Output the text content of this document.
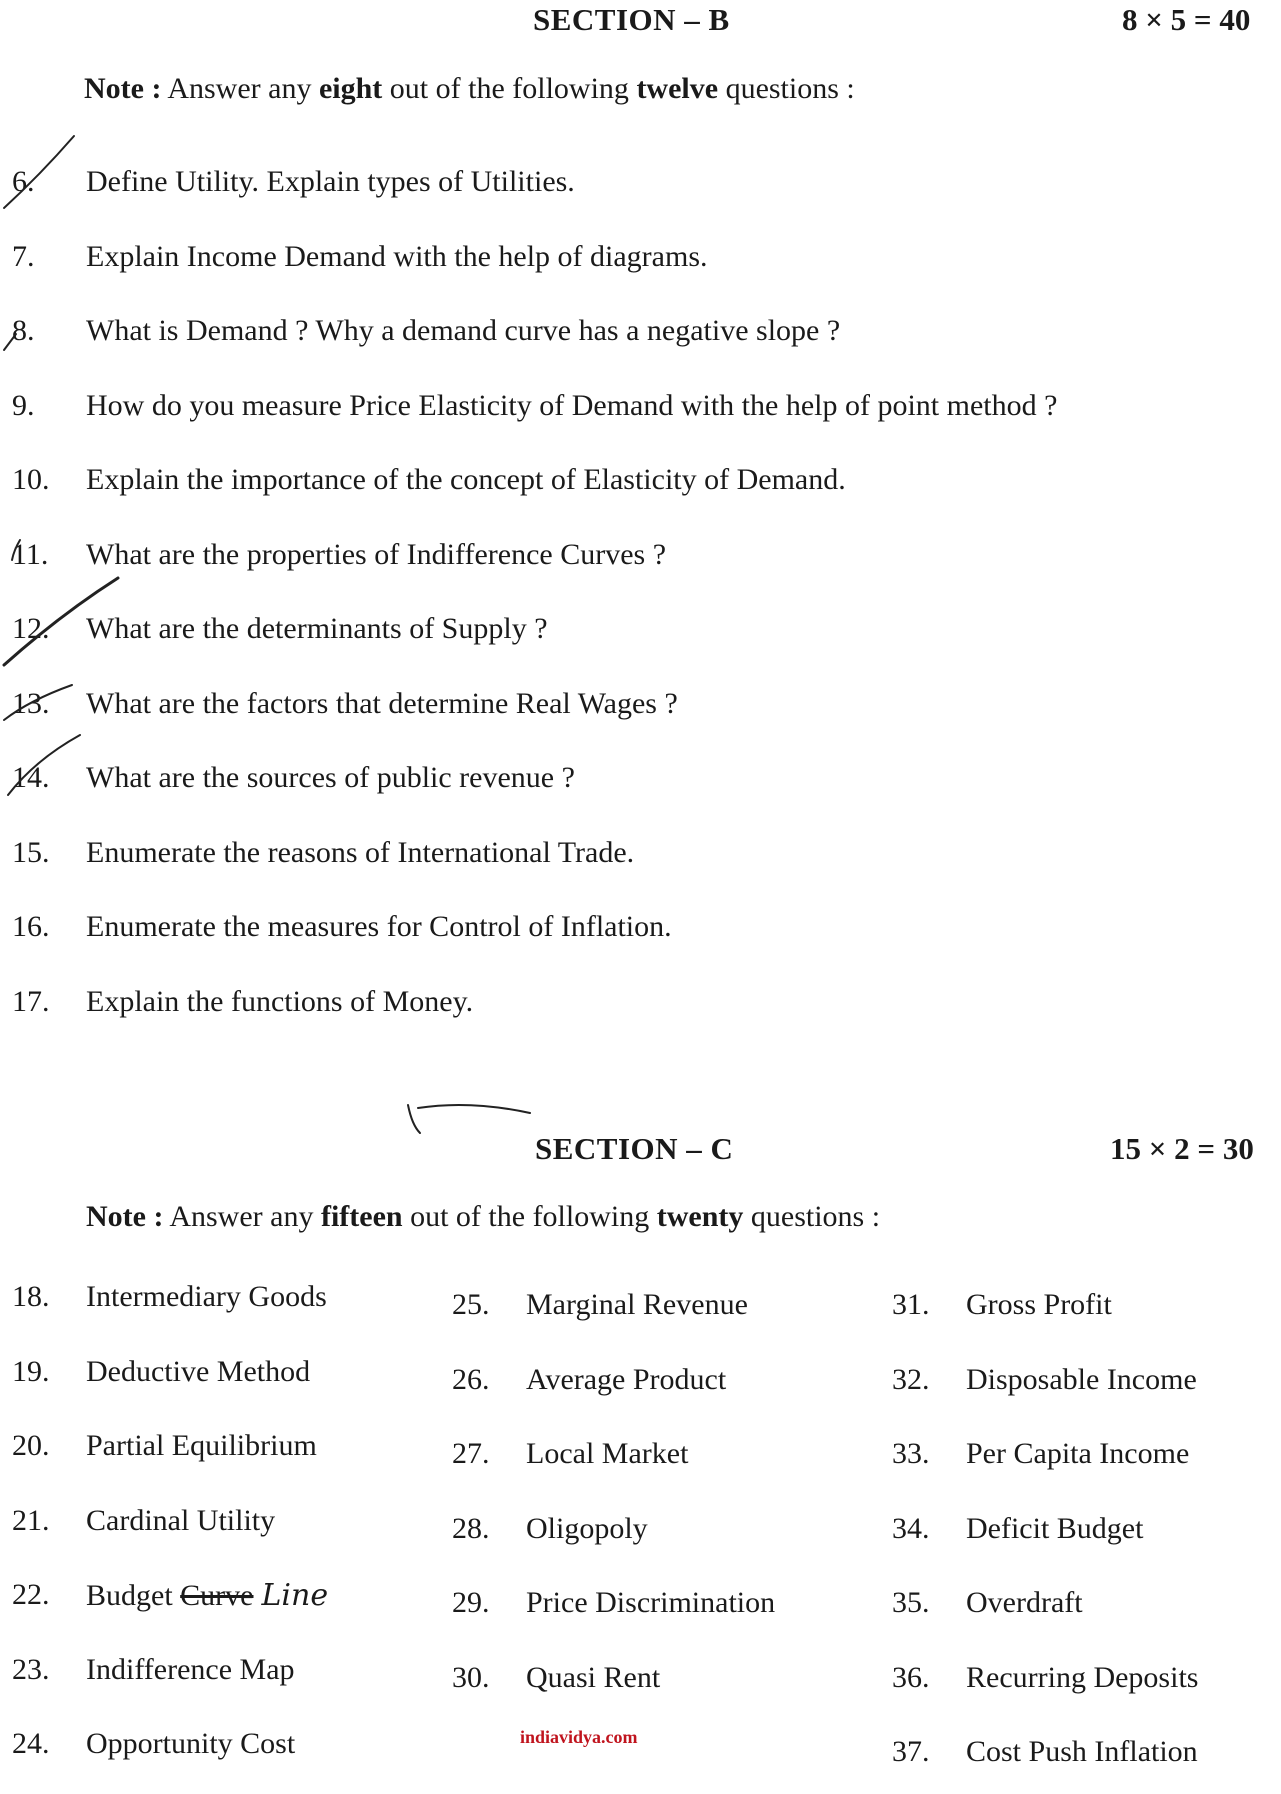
SECTION – B	8 × 5 = 40
Note : Answer any eight out of the following twelve questions :
6. Define Utility. Explain types of Utilities.
7. Explain Income Demand with the help of diagrams.
8. What is Demand ? Why a demand curve has a negative slope ?
9. How do you measure Price Elasticity of Demand with the help of point method ?
10. Explain the importance of the concept of Elasticity of Demand.
11. What are the properties of Indifference Curves ?
12. What are the determinants of Supply ?
13. What are the factors that determine Real Wages ?
14. What are the sources of public revenue ?
15. Enumerate the reasons of International Trade.
16. Enumerate the measures for Control of Inflation.
17. Explain the functions of Money.
SECTION – C	15 × 2 = 30
Note : Answer any fifteen out of the following twenty questions :
18. Intermediary Goods
19. Deductive Method
20. Partial Equilibrium
21. Cardinal Utility
22. Budget Curve Line
23. Indifference Map
24. Opportunity Cost
25. Marginal Revenue
26. Average Product
27. Local Market
28. Oligopoly
29. Price Discrimination
30. Quasi Rent
31. Gross Profit
32. Disposable Income
33. Per Capita Income
34. Deficit Budget
35. Overdraft
36. Recurring Deposits
37. Cost Push Inflation
indiavidya.com
